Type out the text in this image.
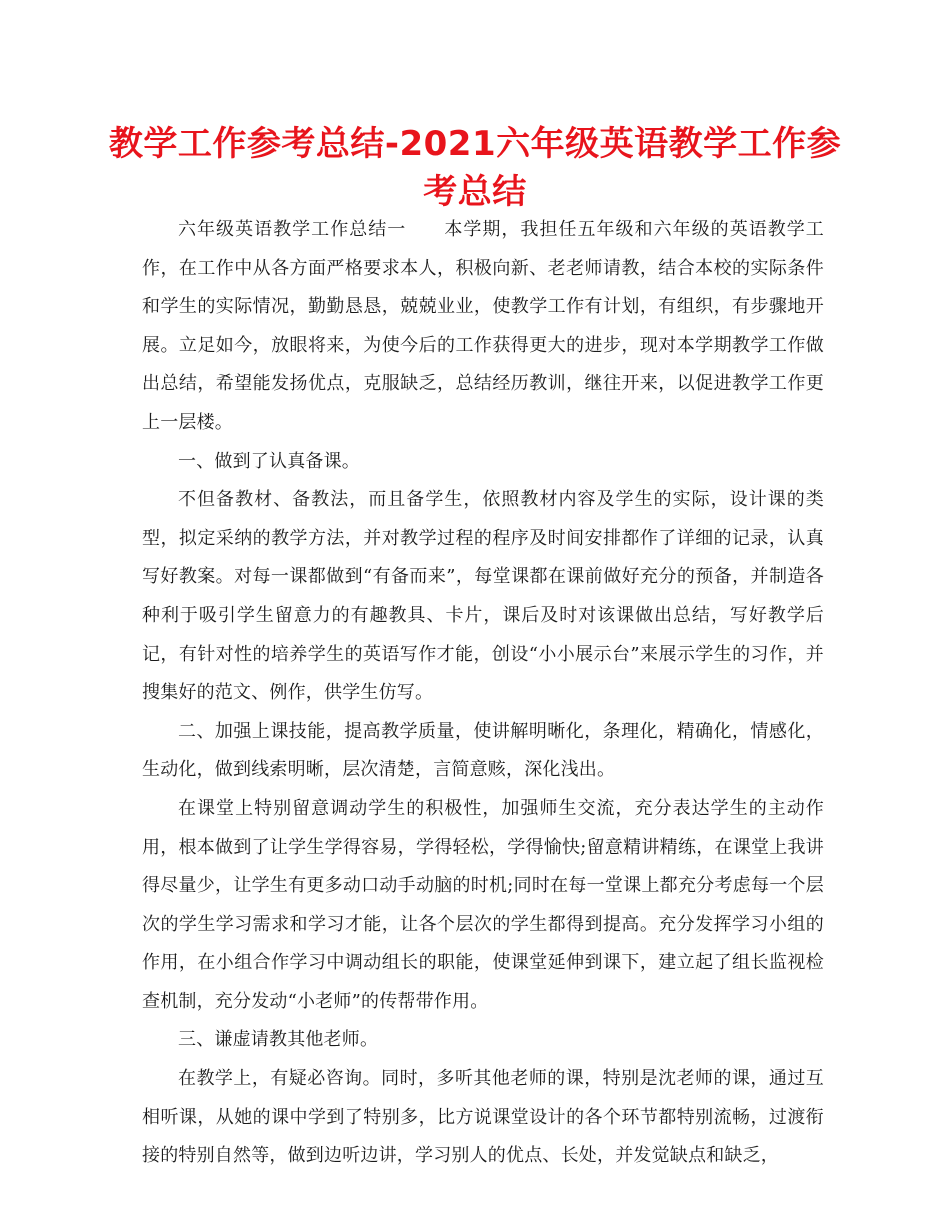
教学工作参考总结-2021六年级英语教学工作参考总结

六年级英语教学工作总结一　　本学期，我担任五年级和六年级的英语教学工作，在工作中从各方面严格要求本人，积极向新、老老师请教，结合本校的实际条件和学生的实际情况，勤勤恳恳，兢兢业业，使教学工作有计划，有组织，有步骤地开展。立足如今，放眼将来，为使今后的工作获得更大的进步，现对本学期教学工作做出总结，希望能发扬优点，克服缺乏，总结经历教训，继往开来，以促进教学工作更上一层楼。

一、做到了认真备课。

不但备教材、备教法，而且备学生，依照教材内容及学生的实际，设计课的类型，拟定采纳的教学方法，并对教学过程的程序及时间安排都作了详细的记录，认真写好教案。对每一课都做到“有备而来”，每堂课都在课前做好充分的预备，并制造各种利于吸引学生留意力的有趣教具、卡片，课后及时对该课做出总结，写好教学后记，有针对性的培养学生的英语写作才能，创设“小小展示台”来展示学生的习作，并搜集好的范文、例作，供学生仿写。

二、加强上课技能，提高教学质量，使讲解明晰化，条理化，精确化，情感化，生动化，做到线索明晰，层次清楚，言简意赅，深化浅出。

在课堂上特别留意调动学生的积极性，加强师生交流，充分表达学生的主动作用，根本做到了让学生学得容易，学得轻松，学得愉快;留意精讲精练，在课堂上我讲得尽量少，让学生有更多动口动手动脑的时机;同时在每一堂课上都充分考虑每一个层次的学生学习需求和学习才能，让各个层次的学生都得到提高。充分发挥学习小组的作用，在小组合作学习中调动组长的职能，使课堂延伸到课下，建立起了组长监视检查机制，充分发动“小老师”的传帮带作用。

三、谦虚请教其他老师。

在教学上，有疑必咨询。同时，多听其他老师的课，特别是沈老师的课，通过互相听课，从她的课中学到了特别多，比方说课堂设计的各个环节都特别流畅，过渡衔接的特别自然等，做到边听边讲，学习别人的优点、长处，并发觉缺点和缺乏，
